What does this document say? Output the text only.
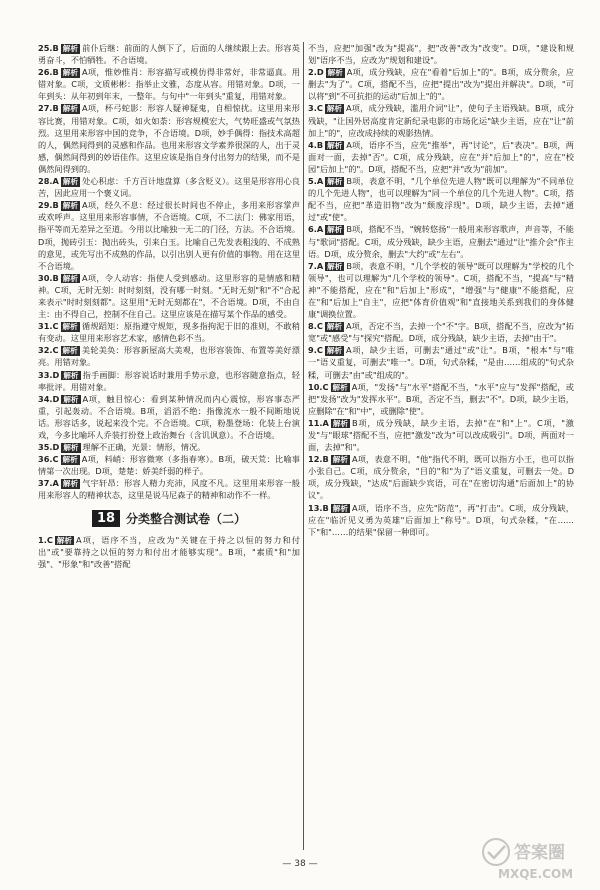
25.B 解析 前仆后继：前面的人倒下了，后面的人继续跟上去。形容英勇奋斗，不怕牺牲。不合语境。
26.B 解析 A项，惟妙惟肖：形容描写或模仿得非常好，非常逼真。用错对象。C项，文质彬彬：指举止文雅，态度从容。用错对象。D项，一年到头：从年初到年末，一整年。与句中"一年到头"重复，用错对象。
27.B 解析 A项，杯弓蛇影：形容人疑神疑鬼，自相惊扰。这里用来形容比赛，用错对象。C项，如火如荼：形容规模宏大，气势旺盛或气氛热烈。这里用来形容中国的竞争，不合语境。D项，妙手偶得：指技术高超的人，偶然间得到的灵感和作品。也用来形容文学素养很深的人，出于灵感，偶然间得到的妙语佳作。这里应该是指自身付出努力的结果，而不是偶然间得到的。
28.A 解析 处心积虑：千方百计地盘算（多含贬义）。这里是形容用心良苦，因此应用一个褒义词。
29.B 解析 A项，经久不息：经过很长时间也不停止，多用来形容掌声或欢呼声。这里用来形容事情，不合语境。C项，不二法门：佛家用语，指平等而无差异之至道。今用以比喻独一无二的门径，方法。不合语境。D项，抛砖引玉：抛出砖头，引来白玉。比喻自己先发表粗浅的、不成熟的意见，或先写出不成熟的作品，以引出别人更有价值的事物。用在这里不合语境。
30.B 解析 A项，令人动容：指使人受到感动。这里形容的是情感和精神。C项，无时无刻：时时刻刻，没有哪一时刻。"无时无刻"和"不"合起来表示"时时刻刻都"。这里用"无时无刻都在"，不合语境。D项，不由自主：由不得自己，控制不住自己。这里应该是在描写某个作品的感受。
31.C 解析 循规蹈矩：原指遵守规矩，现多指拘泥于旧的准则，不敢稍有变动。这里用来形容艺术家，感情色彩不当。
32.C 解析 美轮美奂：形容新屋高大美观，也形容装饰、布置等美好漂亮。用错对象。
33.D 解析 指手画脚：形容说话时兼用手势示意，也形容随意指点，轻率批评。用错对象。
34.D 解析 A项，触目惊心：看到某种情况而内心震惊，形容事态严重，引起轰动。不合语境。B项，滔滔不绝：指像流水一般不间断地说话。形容话多，说起来没个完。不合语境。C项，粉墨登场：化装上台演戏，今多比喻坏人乔装打扮登上政治舞台（含讥讽意）。不合语境。
35.D 解析 理解不正确，光景：情形，情况。
36.C 解析 A项，料峭：形容微寒（多指春寒）。B项，破天荒：比喻事情第一次出现。D项，楚楚：娇美纤弱的样子。
37.A 解析 气宇轩昂：形容人精力充沛，风度不凡。这里用来形容一般用来形容人的精神状态，这里是说马尼森子的精神和动作不一样。
18 分类整合测试卷（二）
1.C 解析 A项，语序不当，应改为"关键在于持之以恒的努力和付出"或"要靠持之以恒的努力和付出才能够实现"。B项，"素质"和"加强"、"形象"和"改善"搭配
不当，应把"加强"改为"提高"，把"改善"改为"改变"。D项，"建设和规划"语序不当，应改为"规划和建设"。
2.D 解析 A项，成分残缺，应在"看着"后加上"的"。B项，成分赘余，应删去"为了"。C项，搭配不当，应把"提出"改为"提出并解决"。D项，"可以将"到"不可抗拒的运动"后加上"的"。
3.C 解析 A项，成分残缺，滥用介词"让"，使句子主语残缺。B项，成分残缺，"让国外居高度肯定新纪录电影的市场化运"缺少主语，应在"让"前加上"的"，应改成持续的观影热情。
4.B 解析 A项，语序不当，应先"推举"，再"讨论"，后"表决"。B项，两面对一面，去掉"否"。C项，成分残缺，应在"并"后加上"的"，应在"校园"后加上"的"。D项，搭配不当，应把"并"改为"前加"。
5.A 解析 B项，表意不明，"几个单位先进人物"既可以理解为"不同单位的几个先进人物"，也可以理解为"同一个单位的几个先进人物"。C项，搭配不当，应把"革造旧物"改为"颓废浮现"。D项，缺少主语，去掉"通过"或"使"。
6.A 解析 B项，搭配不当，"婉转悠扬"一般用来形容歌声，声音等，不能与"歌词"搭配。C项，成分残缺，缺少主语，应删去"通过"让"推介会"作主语。D项，成分赘余，删去"大约"或"左右"。
7.A 解析 B项，表意不明，"几个学校的领导"既可以理解为"学校的几个领导"，也可以理解为"几个学校的领导"。C项，搭配不当，"提高"与"精神"不能搭配，应在"和"后加上"形成"，"增强"与"健康"不能搭配，应在"和"后加上"自主"，应把"体育价值观"和"直接地关系到我们的身体健康"调换位置。
8.C 解析 A项，否定不当，去掉一个"不"字。B项，搭配不当，应改为"拓宽"或"感受"与"探究"搭配。D项，成分残缺，缺少主语，去掉"由于"。
9.C 解析 A项，缺少主语，可删去"通过"或"让"。B项，"根本"与"唯一"语义重复，可删去"唯一"。D项，句式杂糅，"是由……组成的"句式杂糅，可删去"由"或"组成的"。
10.C 解析 A项，"发扬"与"水平"搭配不当，"水平"应与"发挥"搭配，或把"发扬"改为"发挥水平"。B项，否定不当，删去"不"。D项，缺少主语，应删除"在"和"中"，或删除"使"。
11.A 解析 B项，成分残缺，缺少主语，去掉"在"和"上"。C项，"激发"与"眼球"搭配不当，应把"激发"改为"可以改成吸引"。D项，两面对一面，去掉"和"。
12.B 解析 A项，表意不明，"他"指代不明，既可以指方小王，也可以指小张自己。C项，成分赘余，"目的"和"为了"语义重复，可删去一处。D项，成分残缺，"达成"后面缺少宾语，可在"在密切沟通"后面加上"的协议"。
13.B 解析 A项，语序不当，应先"防范"，再"打击"。C项，成分残缺，应在"临沂见义勇为英雄"后面加上"称号"。D项，句式杂糅，"在……下"和"……的结果"保留一种即可。
— 38 —
答案圈
MXQE.COM
